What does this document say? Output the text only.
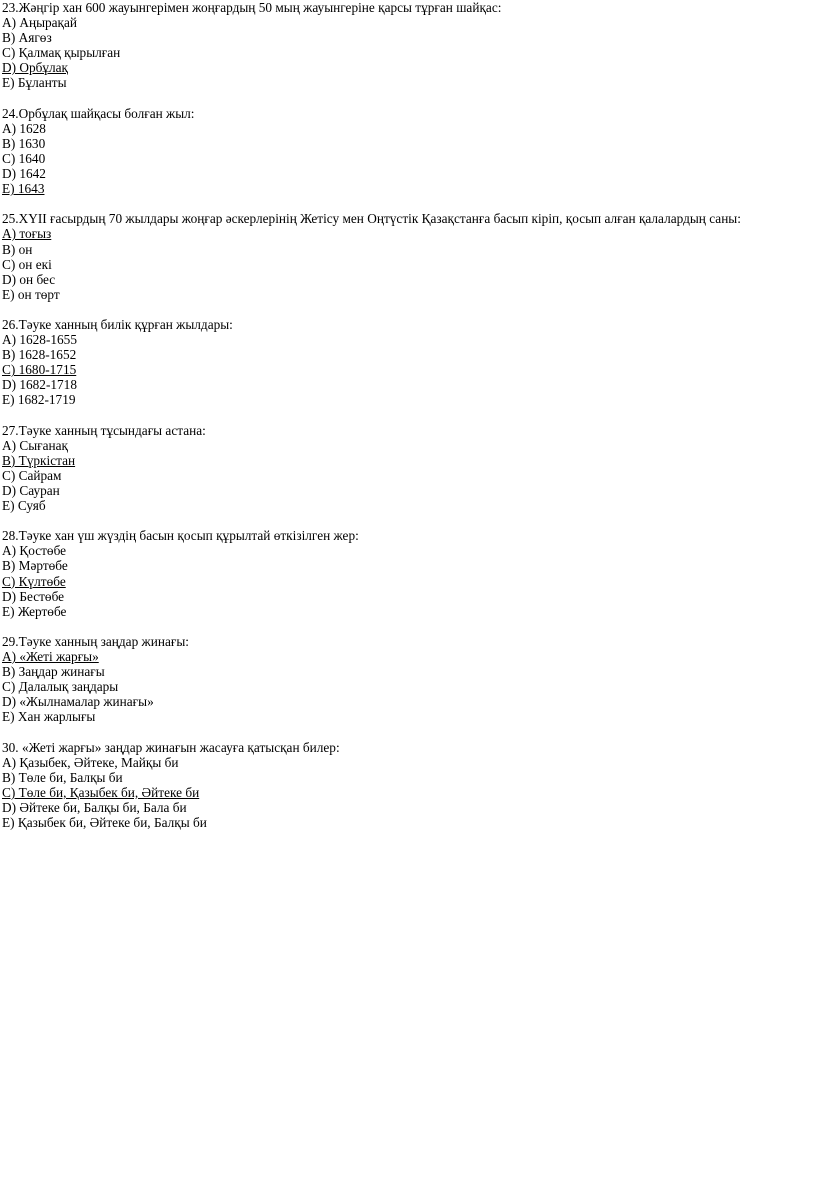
23.Жәңгір хан 600 жауынгерімен жоңғардың 50 мың жауынгеріне қарсы тұрған шайқас:
A) Аңырақай
B) Аягөз
C) Қалмақ қырылған
D) Орбұлақ
E) Бұланты
24.Орбұлақ шайқасы болған жыл:
A) 1628
B) 1630
C) 1640
D) 1642
E) 1643
25.XYII ғасырдың 70 жылдары жоңғар әскерлерінің Жетісу мен Оңтүстік Қазақстанға басып кіріп, қосып алған қалалардың саны:
A) тоғыз
B) он
C) он екі
D) он бес
E) он төрт
26.Тәуке ханның билік құрған жылдары:
A) 1628-1655
B) 1628-1652
C) 1680-1715
D) 1682-1718
E) 1682-1719
27.Тәуке ханның тұсындағы астана:
A) Сығанақ
B) Түркістан
C) Сайрам
D) Сауран
E) Суяб
28.Тәуке хан үш жүздің басын қосып құрылтай өткізілген жер:
A) Қостөбе
B) Мәртөбе
C) Күлтөбе
D) Бестөбе
E) Жертөбе
29.Тәуке ханның заңдар жинағы:
A) «Жеті жарғы»
B) Заңдар жинағы
C) Далалық заңдары
D) «Жылнамалар жинағы»
E) Хан жарлығы
30. «Жеті жарғы» заңдар жинағын жасауға қатысқан билер:
A) Қазыбек, Әйтеке, Майқы би
B) Төле би, Балқы би
C) Төле би, Қазыбек би, Әйтеке би
D) Әйтеке би, Балқы би, Бала би
E) Қазыбек би, Әйтеке би, Балқы би
